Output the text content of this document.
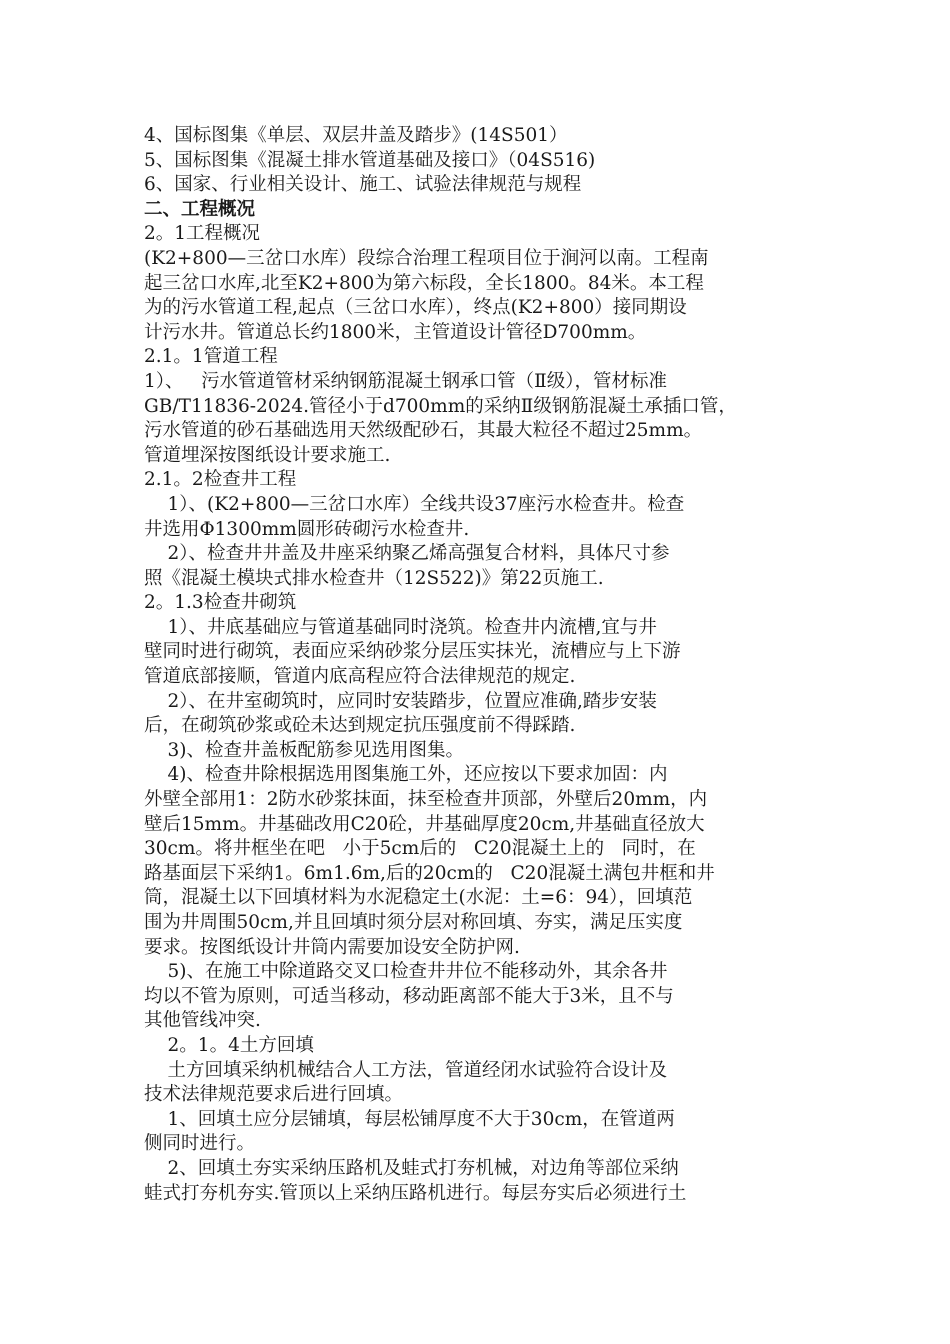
4、国标图集《单层、双层井盖及踏步》(14S501）
5、国标图集《混凝土排水管道基础及接口》（04S516)
6、国家、行业相关设计、施工、试验法律规范与规程
二、工程概况
2。1工程概况
(K2+800—三岔口水库）段综合治理工程项目位于涧河以南。工程南
起三岔口水库,北至K2+800为第六标段，全长1800。84米。本工程
为的污水管道工程,起点（三岔口水库），终点(K2+800）接同期设
计污水井。管道总长约1800米，主管道设计管径D700mm。
2.1。1管道工程
1）、   污水管道管材采纳钢筋混凝土钢承口管（Ⅱ级），管材标准
GB/T11836-2024.管径小于d700mm的采纳Ⅱ级钢筋混凝土承插口管，
污水管道的砂石基础选用天然级配砂石，其最大粒径不超过25mm。
管道埋深按图纸设计要求施工.
2.1。2检查井工程
1）、(K2+800—三岔口水库）全线共设37座污水检查井。检查
井选用Φ1300mm圆形砖砌污水检查井.
2）、检查井井盖及井座采纳聚乙烯高强复合材料，具体尺寸参
照《混凝土模块式排水检查井（12S522)》第22页施工.
2。1.3检查井砌筑
1）、井底基础应与管道基础同时浇筑。检查井内流槽,宜与井
壁同时进行砌筑，表面应采纳砂浆分层压实抹光，流槽应与上下游
管道底部接顺，管道内底高程应符合法律规范的规定.
2）、在井室砌筑时，应同时安装踏步，位置应准确,踏步安装
后，在砌筑砂浆或砼未达到规定抗压强度前不得踩踏.
3)、检查井盖板配筋参见选用图集。
4)、检查井除根据选用图集施工外，还应按以下要求加固：内
外壁全部用1：2防水砂浆抹面，抹至检查井顶部，外壁后20mm，内
壁后15mm。井基础改用C20砼，井基础厚度20cm,井基础直径放大
30cm。将井框坐在吧   小于5cm后的   C20混凝土上的   同时，在
路基面层下采纳1。6m1.6m,后的20cm的   C20混凝土满包井框和井
筒，混凝土以下回填材料为水泥稳定土(水泥：土=6：94），回填范
围为井周围50cm,并且回填时须分层对称回填、夯实，满足压实度
要求。按图纸设计井筒内需要加设安全防护网.
5)、在施工中除道路交叉口检查井井位不能移动外，其余各井
均以不管为原则，可适当移动，移动距离部不能大于3米，且不与
其他管线冲突.
2。1。4土方回填
土方回填采纳机械结合人工方法，管道经闭水试验符合设计及
技术法律规范要求后进行回填。
1、回填土应分层铺填，每层松铺厚度不大于30cm，在管道两
侧同时进行。
2、回填土夯实采纳压路机及蛙式打夯机械，对边角等部位采纳
蛙式打夯机夯实.管顶以上采纳压路机进行。每层夯实后必须进行土
